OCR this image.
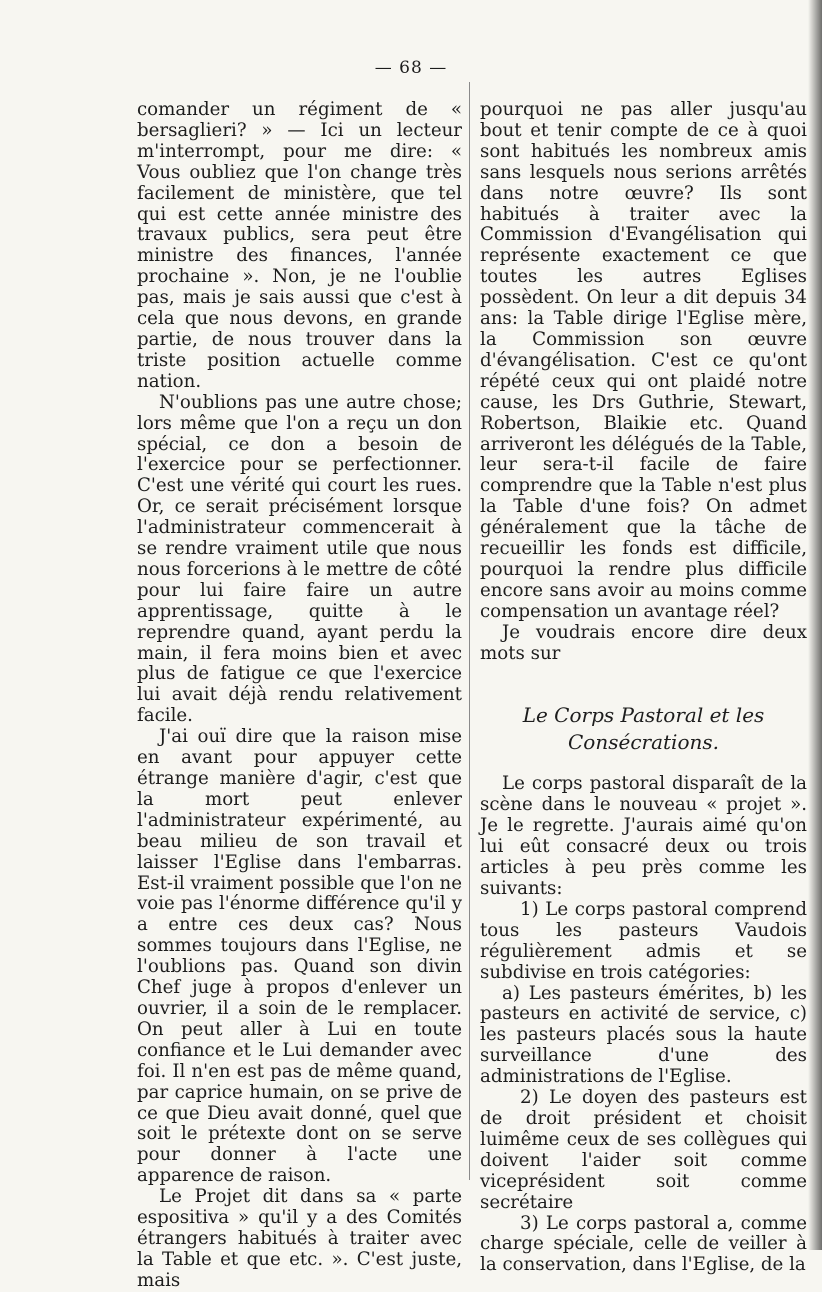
— 68 —

comander un régiment de « bersaglieri? » — Ici un lecteur m'interrompt, pour me dire: « Vous oubliez que l'on change très facilement de ministère, que tel qui est cette année ministre des travaux publics, sera peut être ministre des finances, l'année prochaine ». Non, je ne l'oublie pas, mais je sais aussi que c'est à cela que nous devons, en grande partie, de nous trouver dans la triste position actuelle comme nation.

N'oublions pas une autre chose; lors même que l'on a reçu un don spécial, ce don a besoin de l'exercice pour se perfectionner. C'est une vérité qui court les rues. Or, ce serait précisément lorsque l'administrateur commencerait à se rendre vraiment utile que nous nous forcerions à le mettre de côté pour lui faire faire un autre apprentissage, quitte à le reprendre quand, ayant perdu la main, il fera moins bien et avec plus de fatigue ce que l'exercice lui avait déjà rendu relativement facile.

J'ai ouï dire que la raison mise en avant pour appuyer cette étrange manière d'agir, c'est que la mort peut enlever l'administrateur expérimenté, au beau milieu de son travail et laisser l'Eglise dans l'embarras. Est-il vraiment possible que l'on ne voie pas l'énorme différence qu'il y a entre ces deux cas? Nous sommes toujours dans l'Eglise, ne l'oublions pas. Quand son divin Chef juge à propos d'enlever un ouvrier, il a soin de le remplacer. On peut aller à Lui en toute confiance et le Lui demander avec foi. Il n'en est pas de même quand, par caprice humain, on se prive de ce que Dieu avait donné, quel que soit le prétexte dont on se serve pour donner à l'acte une apparence de raison.

Le Projet dit dans sa « parte espositiva » qu'il y a des Comités étrangers habitués à traiter avec la Table et que etc. ». C'est juste, mais

pourquoi ne pas aller jusqu'au bout et tenir compte de ce à quoi sont habitués les nombreux amis sans lesquels nous serions arrêtés dans notre œuvre? Ils sont habitués à traiter avec la Commission d'Evangélisation qui représente exactement ce que toutes les autres Eglises possèdent. On leur a dit depuis 34 ans: la Table dirige l'Eglise mère, la Commission son œuvre d'évangélisation. C'est ce qu'ont répété ceux qui ont plaidé notre cause, les Drs Guthrie, Stewart, Robertson, Blaikie etc. Quand arriveront les délégués de la Table, leur sera-t-il facile de faire comprendre que la Table n'est plus la Table d'une fois? On admet généralement que la tâche de recueillir les fonds est difficile, pourquoi la rendre plus difficile encore sans avoir au moins comme compensation un avantage réel?

Je voudrais encore dire deux mots sur

Le Corps Pastoral et les Consécrations.

Le corps pastoral disparaît de la scène dans le nouveau « projet ». Je le regrette. J'aurais aimé qu'on lui eût consacré deux ou trois articles à peu près comme les suivants:

1) Le corps pastoral comprend tous les pasteurs Vaudois régulièrement admis et se subdivise en trois catégories:

a) Les pasteurs émérites, b) les pasteurs en activité de service, c) les pasteurs placés sous la haute surveillance d'une des administrations de l'Eglise.

2) Le doyen des pasteurs est de droit président et choisit luimême ceux de ses collègues qui doivent l'aider soit comme viceprésident soit comme secrétaire

3) Le corps pastoral a, comme charge spéciale, celle de veiller à la conservation, dans l'Eglise, de la
